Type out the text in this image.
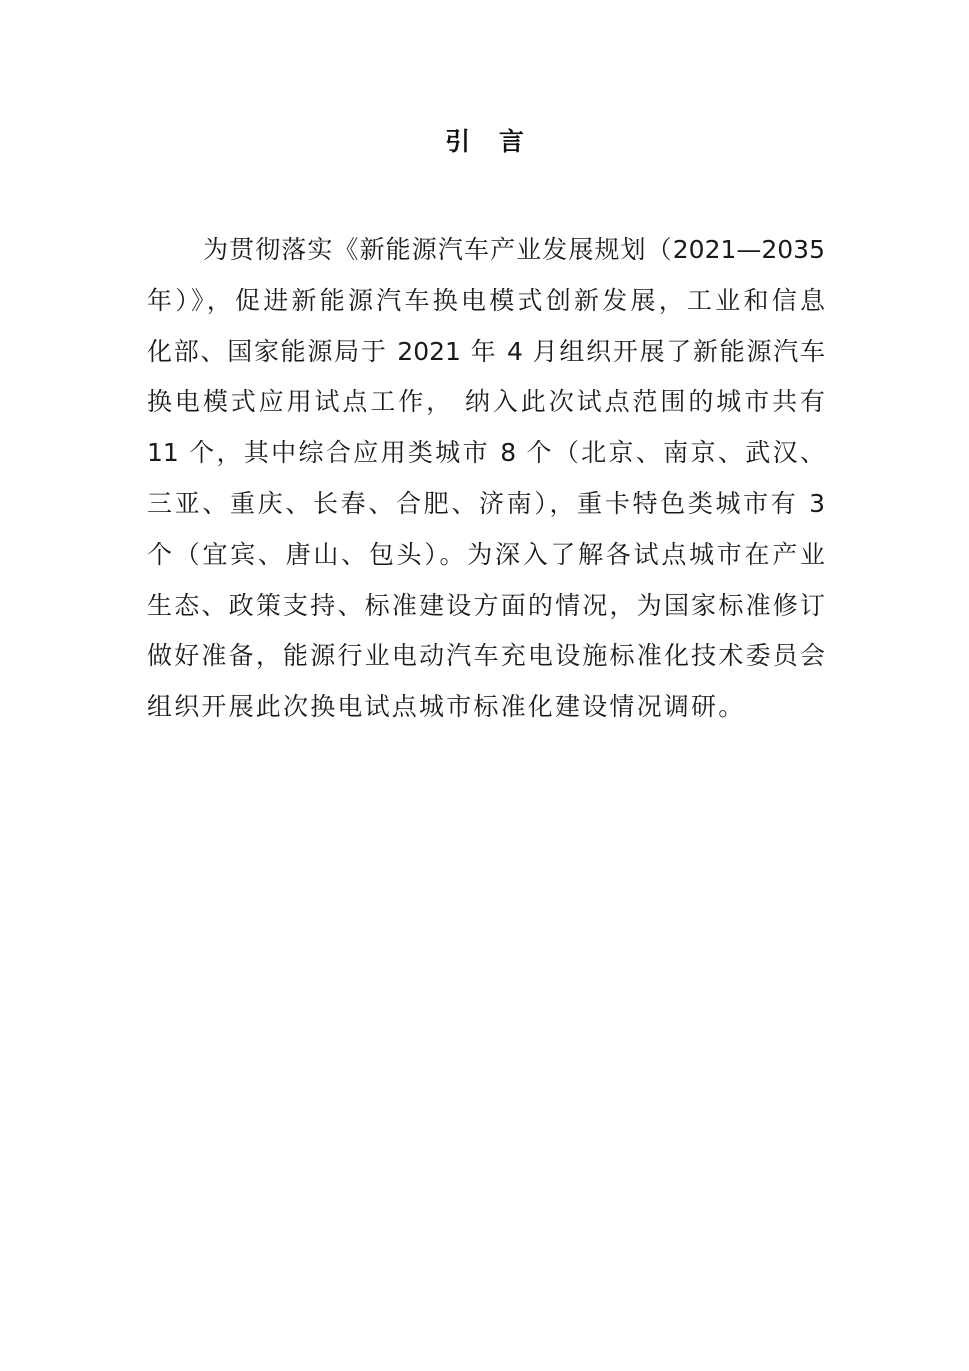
引 言
为贯彻落实《新能源汽车产业发展规划（2021—2035
年）》，促进新能源汽车换电模式创新发展，工业和信息
化部、国家能源局于 2021 年 4 月组织开展了新能源汽车
换电模式应用试点工作， 纳入此次试点范围的城市共有
11 个，其中综合应用类城市 8 个（北京、南京、武汉、
三亚、重庆、长春、合肥、济南），重卡特色类城市有 3
个（宜宾、唐山、包头）。为深入了解各试点城市在产业
生态、政策支持、标准建设方面的情况，为国家标准修订
做好准备，能源行业电动汽车充电设施标准化技术委员会
组织开展此次换电试点城市标准化建设情况调研。
